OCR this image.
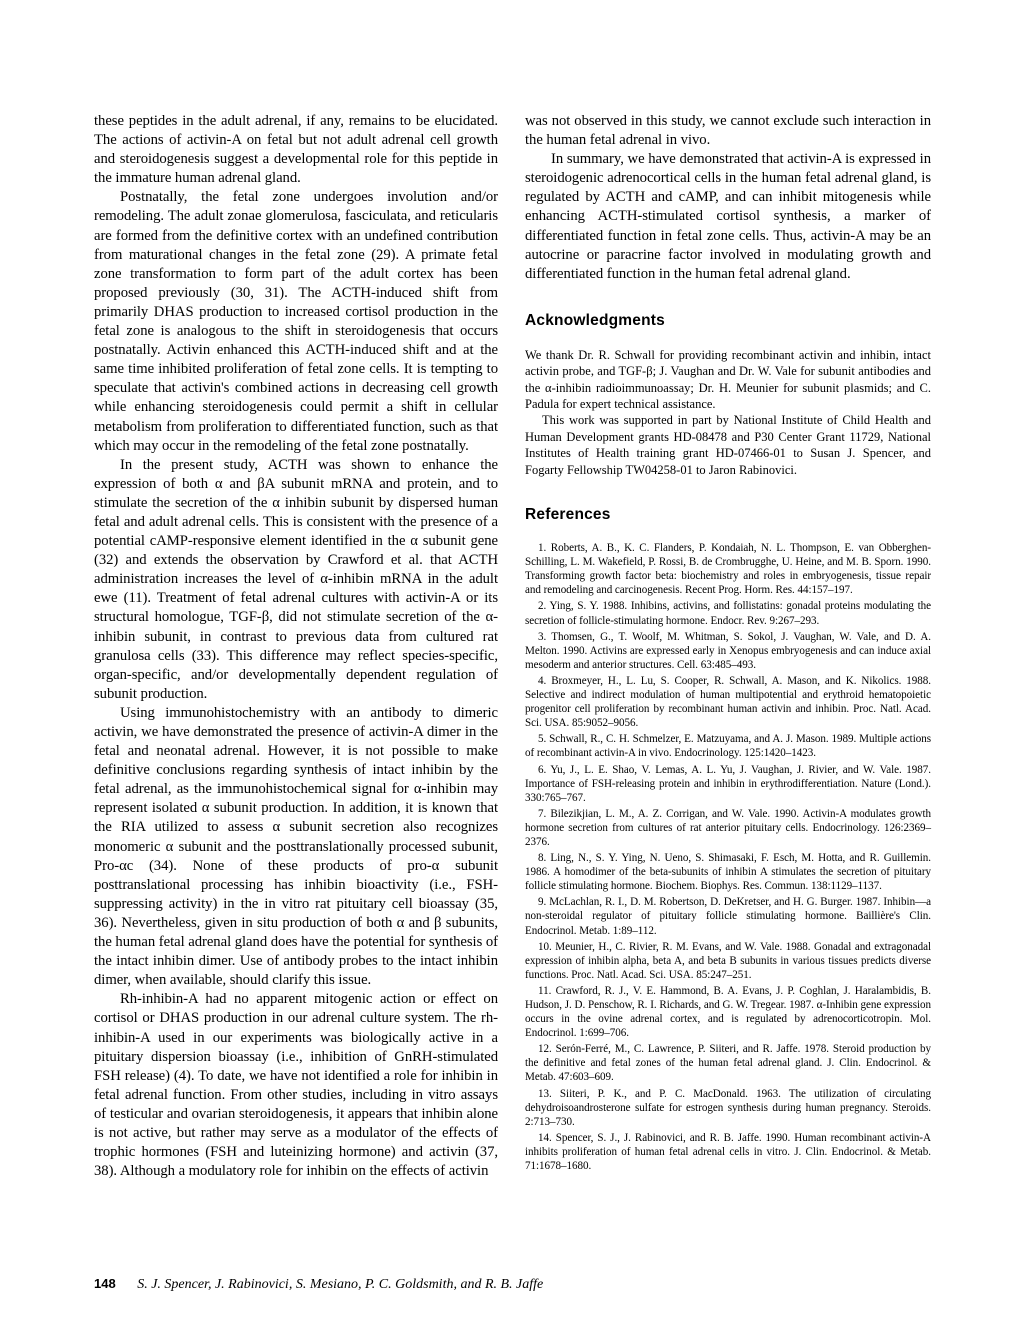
these peptides in the adult adrenal, if any, remains to be elucidated. The actions of activin-A on fetal but not adult adrenal cell growth and steroidogenesis suggest a developmental role for this peptide in the immature human adrenal gland.

Postnatally, the fetal zone undergoes involution and/or remodeling. The adult zonae glomerulosa, fasciculata, and reticularis are formed from the definitive cortex with an undefined contribution from maturational changes in the fetal zone (29). A primate fetal zone transformation to form part of the adult cortex has been proposed previously (30, 31). The ACTH-induced shift from primarily DHAS production to increased cortisol production in the fetal zone is analogous to the shift in steroidogenesis that occurs postnatally. Activin enhanced this ACTH-induced shift and at the same time inhibited proliferation of fetal zone cells. It is tempting to speculate that activin's combined actions in decreasing cell growth while enhancing steroidogenesis could permit a shift in cellular metabolism from proliferation to differentiated function, such as that which may occur in the remodeling of the fetal zone postnatally.

In the present study, ACTH was shown to enhance the expression of both α and βA subunit mRNA and protein, and to stimulate the secretion of the α inhibin subunit by dispersed human fetal and adult adrenal cells. This is consistent with the presence of a potential cAMP-responsive element identified in the α subunit gene (32) and extends the observation by Crawford et al. that ACTH administration increases the level of α-inhibin mRNA in the adult ewe (11). Treatment of fetal adrenal cultures with activin-A or its structural homologue, TGF-β, did not stimulate secretion of the α-inhibin subunit, in contrast to previous data from cultured rat granulosa cells (33). This difference may reflect species-specific, organ-specific, and/or developmentally dependent regulation of subunit production.

Using immunohistochemistry with an antibody to dimeric activin, we have demonstrated the presence of activin-A dimer in the fetal and neonatal adrenal. However, it is not possible to make definitive conclusions regarding synthesis of intact inhibin by the fetal adrenal, as the immunohistochemical signal for α-inhibin may represent isolated α subunit production. In addition, it is known that the RIA utilized to assess α subunit secretion also recognizes monomeric α subunit and the posttranslationally processed subunit, Pro-αc (34). None of these products of pro-α subunit posttranslational processing has inhibin bioactivity (i.e., FSH-suppressing activity) in the in vitro rat pituitary cell bioassay (35, 36). Nevertheless, given in situ production of both α and β subunits, the human fetal adrenal gland does have the potential for synthesis of the intact inhibin dimer. Use of antibody probes to the intact inhibin dimer, when available, should clarify this issue.

Rh-inhibin-A had no apparent mitogenic action or effect on cortisol or DHAS production in our adrenal culture system. The rh-inhibin-A used in our experiments was biologically active in a pituitary dispersion bioassay (i.e., inhibition of GnRH-stimulated FSH release) (4). To date, we have not identified a role for inhibin in fetal adrenal function. From other studies, including in vitro assays of testicular and ovarian steroidogenesis, it appears that inhibin alone is not active, but rather may serve as a modulator of the effects of trophic hormones (FSH and luteinizing hormone) and activin (37, 38). Although a modulatory role for inhibin on the effects of activin

was not observed in this study, we cannot exclude such interaction in the human fetal adrenal in vivo.

In summary, we have demonstrated that activin-A is expressed in steroidogenic adrenocortical cells in the human fetal adrenal gland, is regulated by ACTH and cAMP, and can inhibit mitogenesis while enhancing ACTH-stimulated cortisol synthesis, a marker of differentiated function in fetal zone cells. Thus, activin-A may be an autocrine or paracrine factor involved in modulating growth and differentiated function in the human fetal adrenal gland.

Acknowledgments

We thank Dr. R. Schwall for providing recombinant activin and inhibin, intact activin probe, and TGF-β; J. Vaughan and Dr. W. Vale for subunit antibodies and the α-inhibin radioimmunoassay; Dr. H. Meunier for subunit plasmids; and C. Padula for expert technical assistance.

This work was supported in part by National Institute of Child Health and Human Development grants HD-08478 and P30 Center Grant 11729, National Institutes of Health training grant HD-07466-01 to Susan J. Spencer, and Fogarty Fellowship TW04258-01 to Jaron Rabinovici.

References
1. Roberts, A. B., K. C. Flanders, P. Kondaiah, N. L. Thompson, E. van Obberghen-Schilling, L. M. Wakefield, P. Rossi, B. de Crombrugghe, U. Heine, and M. B. Sporn. 1990. Transforming growth factor beta: biochemistry and roles in embryogenesis, tissue repair and remodeling and carcinogenesis. Recent Prog. Horm. Res. 44:157–197.
2. Ying, S. Y. 1988. Inhibins, activins, and follistatins: gonadal proteins modulating the secretion of follicle-stimulating hormone. Endocr. Rev. 9:267–293.
3. Thomsen, G., T. Woolf, M. Whitman, S. Sokol, J. Vaughan, W. Vale, and D. A. Melton. 1990. Activins are expressed early in Xenopus embryogenesis and can induce axial mesoderm and anterior structures. Cell. 63:485–493.
4. Broxmeyer, H., L. Lu, S. Cooper, R. Schwall, A. Mason, and K. Nikolics. 1988. Selective and indirect modulation of human multipotential and erythroid hematopoietic progenitor cell proliferation by recombinant human activin and inhibin. Proc. Natl. Acad. Sci. USA. 85:9052–9056.
5. Schwall, R., C. H. Schmelzer, E. Matzuyama, and A. J. Mason. 1989. Multiple actions of recombinant activin-A in vivo. Endocrinology. 125:1420–1423.
6. Yu, J., L. E. Shao, V. Lemas, A. L. Yu, J. Vaughan, J. Rivier, and W. Vale. 1987. Importance of FSH-releasing protein and inhibin in erythrodifferentiation. Nature (Lond.). 330:765–767.
7. Bilezikjian, L. M., A. Z. Corrigan, and W. Vale. 1990. Activin-A modulates growth hormone secretion from cultures of rat anterior pituitary cells. Endocrinology. 126:2369–2376.
8. Ling, N., S. Y. Ying, N. Ueno, S. Shimasaki, F. Esch, M. Hotta, and R. Guillemin. 1986. A homodimer of the beta-subunits of inhibin A stimulates the secretion of pituitary follicle stimulating hormone. Biochem. Biophys. Res. Commun. 138:1129–1137.
9. McLachlan, R. I., D. M. Robertson, D. DeKretser, and H. G. Burger. 1987. Inhibin—a non-steroidal regulator of pituitary follicle stimulating hormone. Baillière's Clin. Endocrinol. Metab. 1:89–112.
10. Meunier, H., C. Rivier, R. M. Evans, and W. Vale. 1988. Gonadal and extragonadal expression of inhibin alpha, beta A, and beta B subunits in various tissues predicts diverse functions. Proc. Natl. Acad. Sci. USA. 85:247–251.
11. Crawford, R. J., V. E. Hammond, B. A. Evans, J. P. Coghlan, J. Haralambidis, B. Hudson, J. D. Penschow, R. I. Richards, and G. W. Tregear. 1987. α-Inhibin gene expression occurs in the ovine adrenal cortex, and is regulated by adrenocorticotropin. Mol. Endocrinol. 1:699–706.
12. Serón-Ferré, M., C. Lawrence, P. Siiteri, and R. Jaffe. 1978. Steroid production by the definitive and fetal zones of the human fetal adrenal gland. J. Clin. Endocrinol. & Metab. 47:603–609.
13. Siiteri, P. K., and P. C. MacDonald. 1963. The utilization of circulating dehydroisoandrosterone sulfate for estrogen synthesis during human pregnancy. Steroids. 2:713–730.
14. Spencer, S. J., J. Rabinovici, and R. B. Jaffe. 1990. Human recombinant activin-A inhibits proliferation of human fetal adrenal cells in vitro. J. Clin. Endocrinol. & Metab. 71:1678–1680.
148 S. J. Spencer, J. Rabinovici, S. Mesiano, P. C. Goldsmith, and R. B. Jaffe
